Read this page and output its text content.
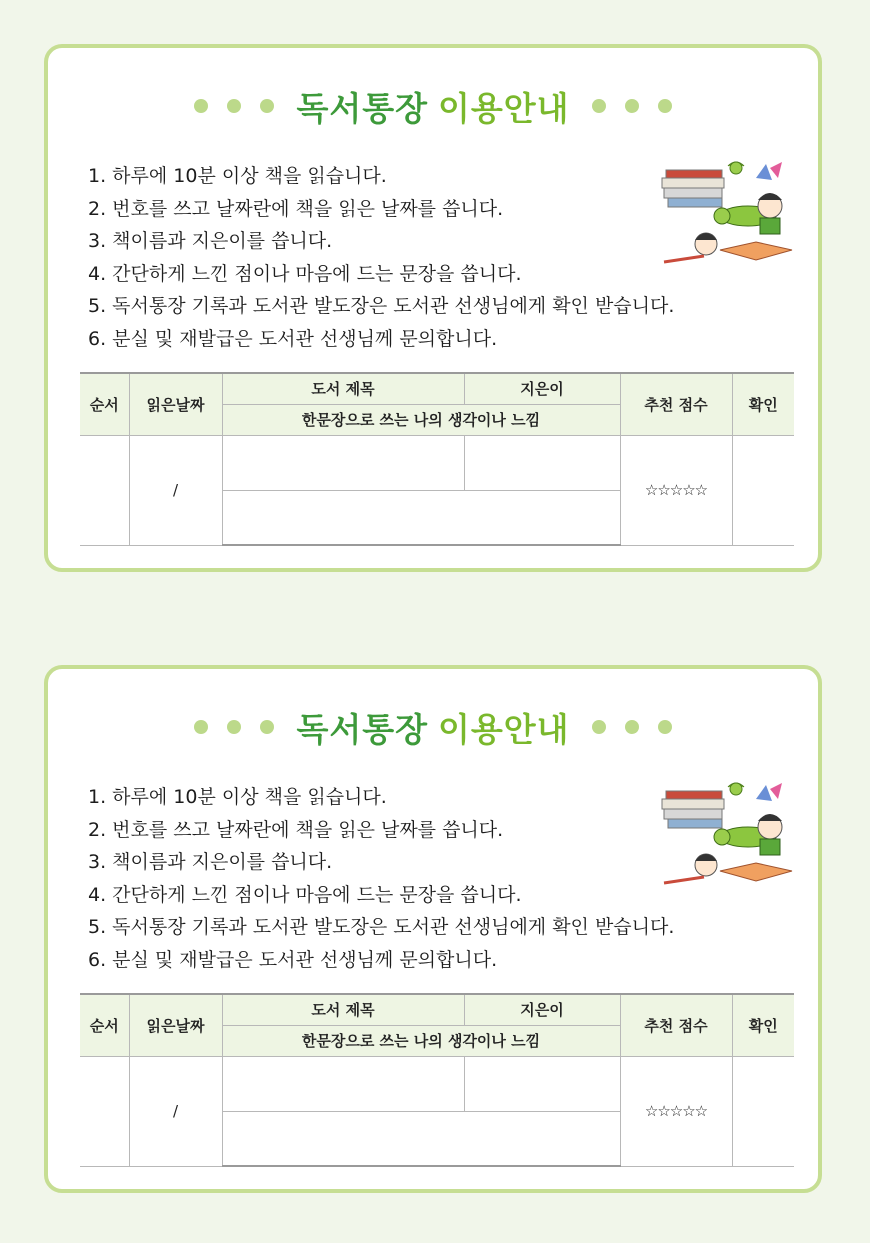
독서통장 이용안내
1. 하루에 10분 이상 책을 읽습니다.
2. 번호를 쓰고 날짜란에 책을 읽은 날짜를 씁니다.
3. 책이름과 지은이를 씁니다.
4. 간단하게 느낀 점이나 마음에 드는 문장을 씁니다.
5. 독서통장 기록과 도서관 발도장은 도서관 선생님에게 확인 받습니다.
6. 분실 및 재발급은 도서관 선생님께 문의합니다.
순서	읽은날짜	도서 제목	지은이	추천 점수	확인
		한문장으로 쓰는 나의 생각이나 느낌			
	/			☆☆☆☆☆	

독서통장 이용안내
1. 하루에 10분 이상 책을 읽습니다.
2. 번호를 쓰고 날짜란에 책을 읽은 날짜를 씁니다.
3. 책이름과 지은이를 씁니다.
4. 간단하게 느낀 점이나 마음에 드는 문장을 씁니다.
5. 독서통장 기록과 도서관 발도장은 도서관 선생님에게 확인 받습니다.
6. 분실 및 재발급은 도서관 선생님께 문의합니다.
순서	읽은날짜	도서 제목	지은이	추천 점수	확인
		한문장으로 쓰는 나의 생각이나 느낌			
	/			☆☆☆☆☆	
